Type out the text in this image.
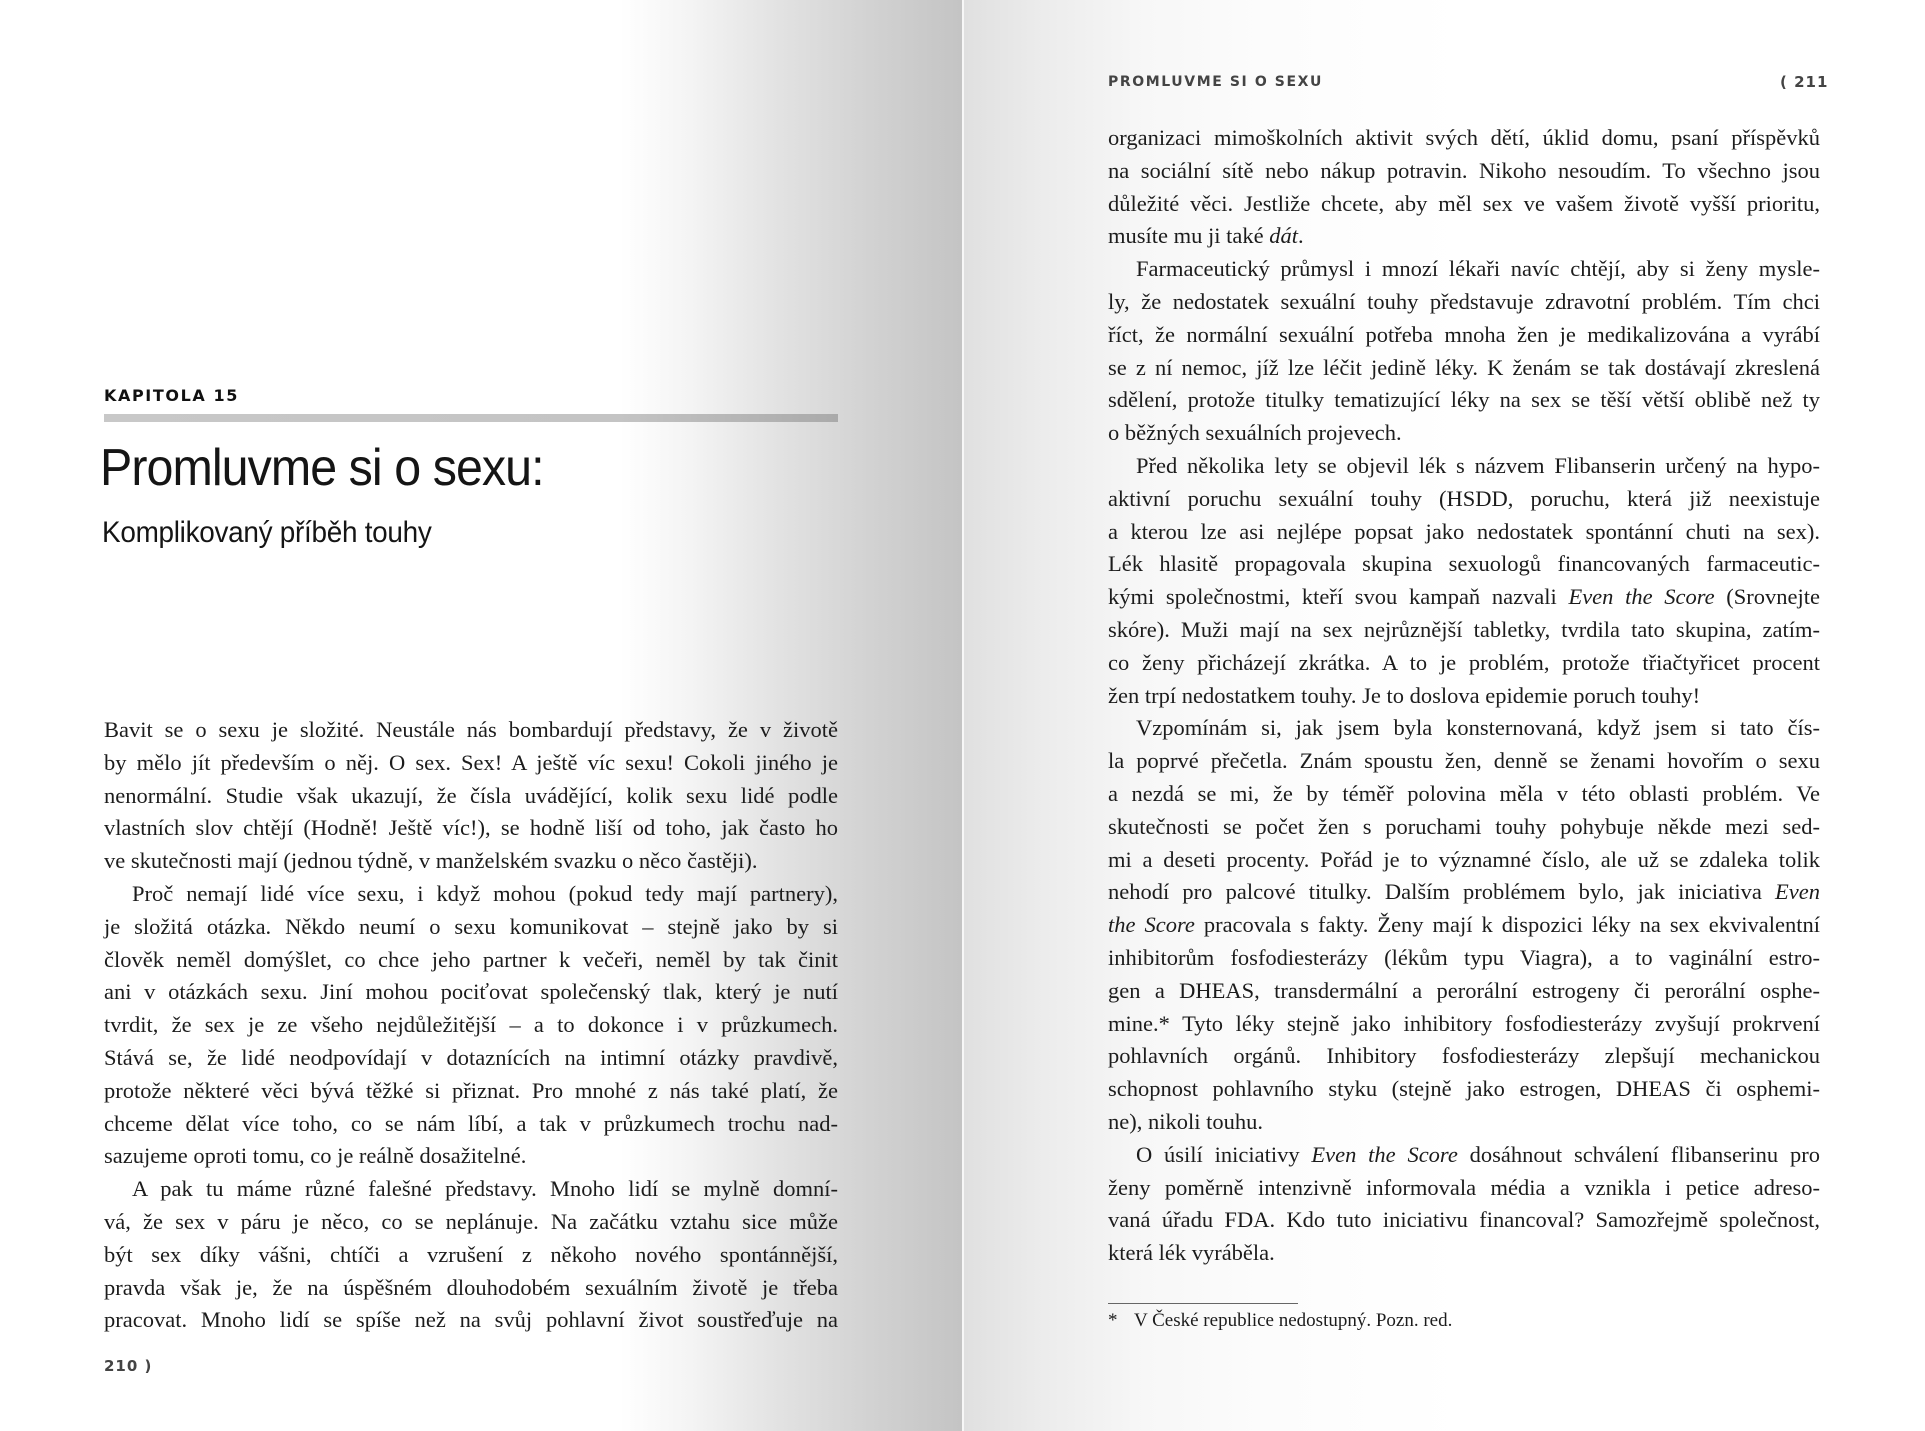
KAPITOLA 15
Promluvme si o sexu:
Komplikovaný příběh touhy
Bavit se o sexu je složité. Neustále nás bombardují představy, že v životě
by mělo jít především o něj. O sex. Sex! A ještě víc sexu! Cokoli jiného je
nenormální. Studie však ukazují, že čísla uvádějící, kolik sexu lidé podle
vlastních slov chtějí (Hodně! Ještě víc!), se hodně liší od toho, jak často ho
ve skutečnosti mají (jednou týdně, v manželském svazku o něco častěji).
Proč nemají lidé více sexu, i když mohou (pokud tedy mají partnery),
je složitá otázka. Někdo neumí o sexu komunikovat – stejně jako by si
člověk neměl domýšlet, co chce jeho partner k večeři, neměl by tak činit
ani v otázkách sexu. Jiní mohou pociťovat společenský tlak, který je nutí
tvrdit, že sex je ze všeho nejdůležitější – a to dokonce i v průzkumech.
Stává se, že lidé neodpovídají v dotaznících na intimní otázky pravdivě,
protože některé věci bývá těžké si přiznat. Pro mnohé z nás také platí, že
chceme dělat více toho, co se nám líbí, a tak v průzkumech trochu nad-
sazujeme oproti tomu, co je reálně dosažitelné.
A pak tu máme různé falešné představy. Mnoho lidí se mylně domní-
vá, že sex v páru je něco, co se neplánuje. Na začátku vztahu sice může
být sex díky vášni, chtíči a vzrušení z někoho nového spontánnější,
pravda však je, že na úspěšném dlouhodobém sexuálním životě je třeba
pracovat. Mnoho lidí se spíše než na svůj pohlavní život soustřeďuje na
210 )
PROMLUVME SI O SEXU	( 211
organizaci mimoškolních aktivit svých dětí, úklid domu, psaní příspěvků
na sociální sítě nebo nákup potravin. Nikoho nesoudím. To všechno jsou
důležité věci. Jestliže chcete, aby měl sex ve vašem životě vyšší prioritu,
musíte mu ji také dát.
Farmaceutický průmysl i mnozí lékaři navíc chtějí, aby si ženy mysle-
ly, že nedostatek sexuální touhy představuje zdravotní problém. Tím chci
říct, že normální sexuální potřeba mnoha žen je medikalizována a vyrábí
se z ní nemoc, jíž lze léčit jedině léky. K ženám se tak dostávají zkreslená
sdělení, protože titulky tematizující léky na sex se těší větší oblibě než ty
o běžných sexuálních projevech.
Před několika lety se objevil lék s názvem Flibanserin určený na hypo-
aktivní poruchu sexuální touhy (HSDD, poruchu, která již neexistuje
a kterou lze asi nejlépe popsat jako nedostatek spontánní chuti na sex).
Lék hlasitě propagovala skupina sexuologů financovaných farmaceutic-
kými společnostmi, kteří svou kampaň nazvali Even the Score (Srovnejte
skóre). Muži mají na sex nejrůznější tabletky, tvrdila tato skupina, zatím-
co ženy přicházejí zkrátka. A to je problém, protože třiačtyřicet procent
žen trpí nedostatkem touhy. Je to doslova epidemie poruch touhy!
Vzpomínám si, jak jsem byla konsternovaná, když jsem si tato čís-
la poprvé přečetla. Znám spoustu žen, denně se ženami hovořím o sexu
a nezdá se mi, že by téměř polovina měla v této oblasti problém. Ve
skutečnosti se počet žen s poruchami touhy pohybuje někde mezi sed-
mi a deseti procenty. Pořád je to významné číslo, ale už se zdaleka tolik
nehodí pro palcové titulky. Dalším problémem bylo, jak iniciativa Even
the Score pracovala s fakty. Ženy mají k dispozici léky na sex ekvivalentní
inhibitorům fosfodiesterázy (lékům typu Viagra), a to vaginální estro-
gen a DHEAS, transdermální a perorální estrogeny či perorální osphe-
mine.* Tyto léky stejně jako inhibitory fosfodiesterázy zvyšují prokrvení
pohlavních orgánů. Inhibitory fosfodiesterázy zlepšují mechanickou
schopnost pohlavního styku (stejně jako estrogen, DHEAS či osphemi-
ne), nikoli touhu.
O úsilí iniciativy Even the Score dosáhnout schválení flibanserinu pro
ženy poměrně intenzivně informovala média a vznikla i petice adreso-
vaná úřadu FDA. Kdo tuto iniciativu financoval? Samozřejmě společnost,
která lék vyráběla.
* V České republice nedostupný. Pozn. red.
